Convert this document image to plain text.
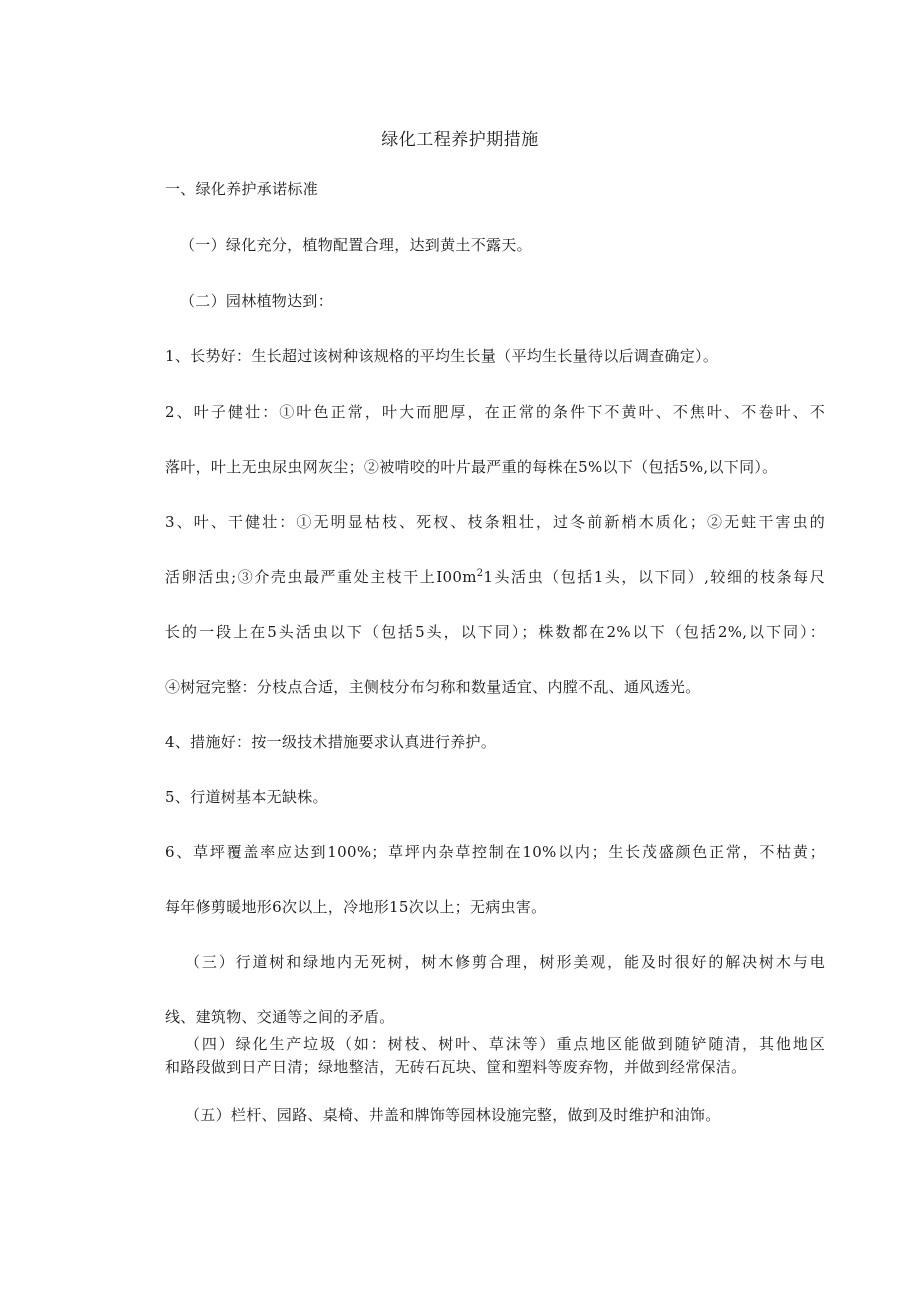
绿化工程养护期措施
一、绿化养护承诺标准
（一）绿化充分，植物配置合理，达到黄土不露天。
（二）园林植物达到：
1、长势好：生长超过该树种该规格的平均生长量（平均生长量待以后调查确定）。
2、叶子健壮：①叶色正常，叶大而肥厚，在正常的条件下不黄叶、不焦叶、不卷叶、不
落叶，叶上无虫尿虫网灰尘；②被啃咬的叶片最严重的每株在5%以下（包括5%,以下同）。
3、叶、干健壮：①无明显枯枝、死杈、枝条粗壮，过冬前新梢木质化；②无蛀干害虫的
活卵活虫;③介壳虫最严重处主枝干上$I00m^21$头活虫（包括1头，以下同）,较细的枝条每尺
长的一段上在5头活虫以下（包括5头，以下同）；株数都在2%以下（包括2%,以下同）：
④树冠完整：分枝点合适，主侧枝分布匀称和数量适宜、内膛不乱、通风透光。
4、措施好：按一级技术措施要求认真进行养护。
5、行道树基本无缺株。
6、草坪覆盖率应达到100%；草坪内杂草控制在10%以内；生长茂盛颜色正常，不枯黄；
每年修剪暖地形6次以上，冷地形15次以上；无病虫害。
（三）行道树和绿地内无死树，树木修剪合理，树形美观，能及时很好的解决树木与电
线、建筑物、交通等之间的矛盾。
（四）绿化生产垃圾（如：树枝、树叶、草沫等）重点地区能做到随铲随清，其他地区
和路段做到日产日清；绿地整洁，无砖石瓦块、筐和塑料等废弃物，并做到经常保洁。
（五）栏杆、园路、桌椅、井盖和牌饰等园林设施完整，做到及时维护和油饰。
